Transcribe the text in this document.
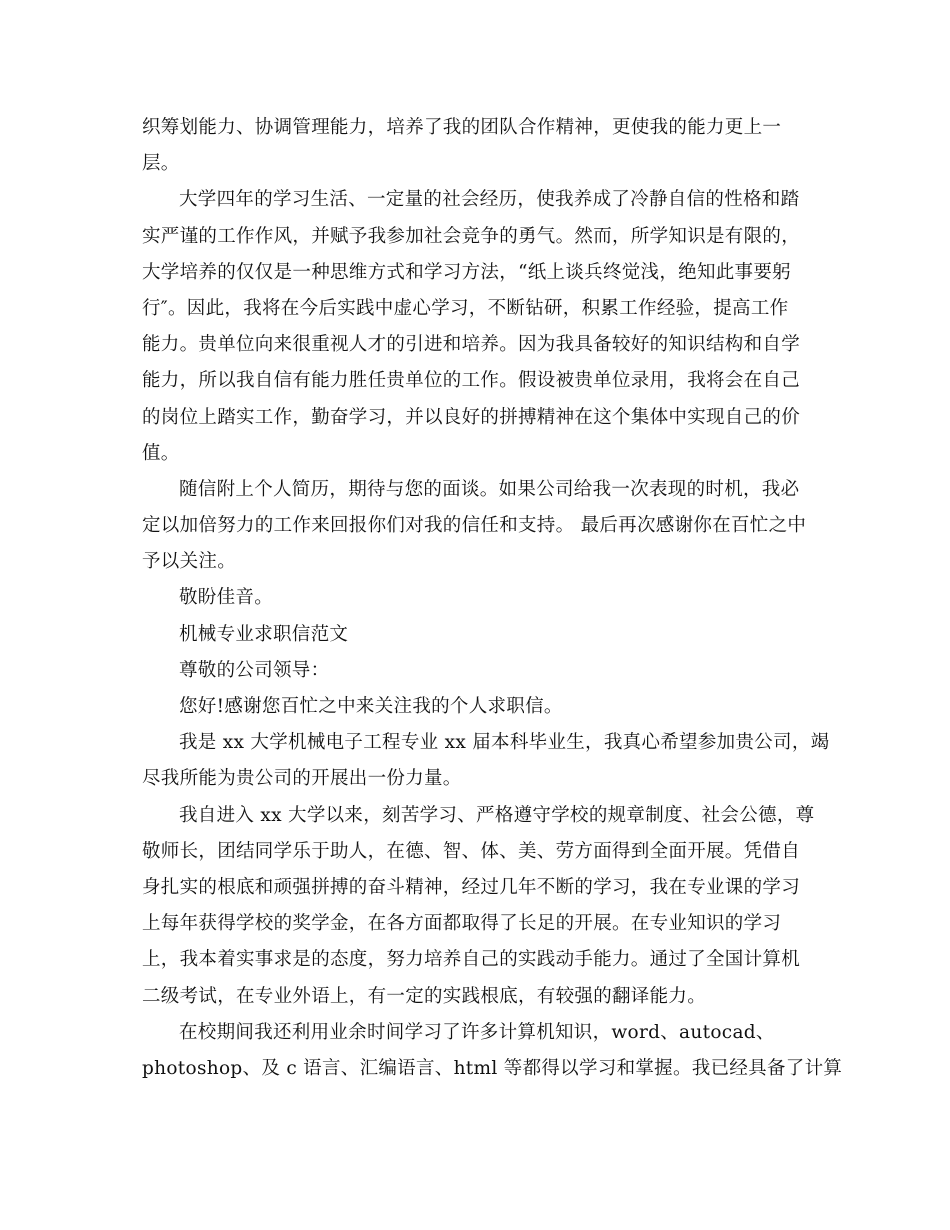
织筹划能力、协调管理能力，培养了我的团队合作精神，更使我的能力更上一
层。
大学四年的学习生活、一定量的社会经历，使我养成了冷静自信的性格和踏
实严谨的工作作风，并赋予我参加社会竞争的勇气。然而，所学知识是有限的，
大学培养的仅仅是一种思维方式和学习方法，“纸上谈兵终觉浅，绝知此事要躬
行″。因此，我将在今后实践中虚心学习，不断钻研，积累工作经验，提高工作
能力。贵单位向来很重视人才的引进和培养。因为我具备较好的知识结构和自学
能力，所以我自信有能力胜任贵单位的工作。假设被贵单位录用，我将会在自己
的岗位上踏实工作，勤奋学习，并以良好的拼搏精神在这个集体中实现自己的价
值。
随信附上个人简历，期待与您的面谈。如果公司给我一次表现的时机，我必
定以加倍努力的工作来回报你们对我的信任和支持。 最后再次感谢你在百忙之中
予以关注。
敬盼佳音。
机械专业求职信范文
尊敬的公司领导：
您好!感谢您百忙之中来关注我的个人求职信。
我是 xx 大学机械电子工程专业 xx 届本科毕业生，我真心希望参加贵公司，竭
尽我所能为贵公司的开展出一份力量。
我自进入 xx 大学以来，刻苦学习、严格遵守学校的规章制度、社会公德，尊
敬师长，团结同学乐于助人，在德、智、体、美、劳方面得到全面开展。凭借自
身扎实的根底和顽强拼搏的奋斗精神，经过几年不断的学习，我在专业课的学习
上每年获得学校的奖学金，在各方面都取得了长足的开展。在专业知识的学习
上，我本着实事求是的态度，努力培养自己的实践动手能力。通过了全国计算机
二级考试，在专业外语上，有一定的实践根底，有较强的翻译能力。
在校期间我还利用业余时间学习了许多计算机知识，word、autocad、
photoshop、及 c 语言、汇编语言、html 等都得以学习和掌握。我已经具备了计算
